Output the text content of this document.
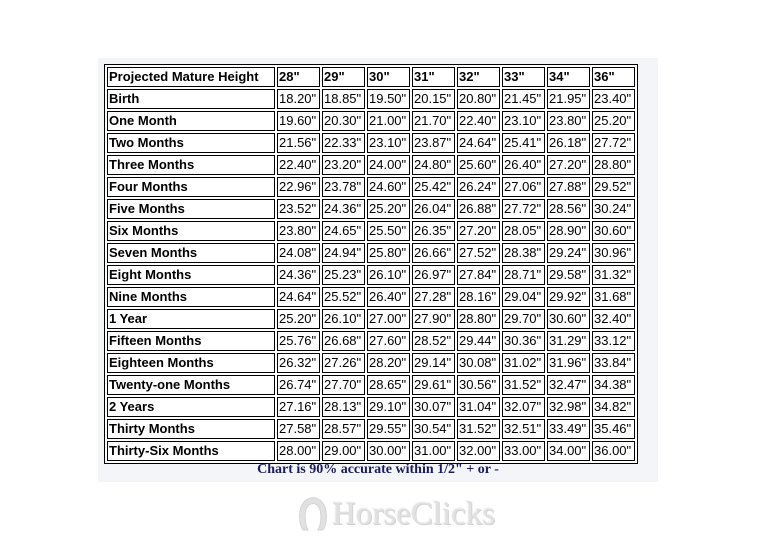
Projected Mature Height	28"	29"	30"	31"	32"	33"	34"	36"
Birth	18.20"	18.85"	19.50"	20.15"	20.80"	21.45"	21.95"	23.40"
One Month	19.60"	20.30"	21.00"	21.70"	22.40"	23.10"	23.80"	25.20"
Two Months	21.56"	22.33"	23.10"	23.87"	24.64"	25.41"	26.18"	27.72"
Three Months	22.40"	23.20"	24.00"	24.80"	25.60"	26.40"	27.20"	28.80"
Four Months	22.96"	23.78"	24.60"	25.42"	26.24"	27.06"	27.88"	29.52"
Five Months	23.52"	24.36"	25.20"	26.04"	26.88"	27.72"	28.56"	30.24"
Six Months	23.80"	24.65"	25.50"	26.35"	27.20"	28.05"	28.90"	30.60"
Seven Months	24.08"	24.94"	25.80"	26.66"	27.52"	28.38"	29.24"	30.96"
Eight Months	24.36"	25.23"	26.10"	26.97"	27.84"	28.71"	29.58"	31.32"
Nine Months	24.64"	25.52"	26.40"	27.28"	28.16"	29.04"	29.92"	31.68"
1 Year	25.20"	26.10"	27.00"	27.90"	28.80"	29.70"	30.60"	32.40"
Fifteen Months	25.76"	26.68"	27.60"	28.52"	29.44"	30.36"	31.29"	33.12"
Eighteen Months	26.32"	27.26"	28.20"	29.14"	30.08"	31.02"	31.96"	33.84"
Twenty-one Months	26.74"	27.70"	28.65"	29.61"	30.56"	31.52"	32.47"	34.38"
2 Years	27.16"	28.13"	29.10"	30.07"	31.04"	32.07"	32.98"	34.82"
Thirty Months	27.58"	28.57"	29.55"	30.54"	31.52"	32.51"	33.49"	35.46"
Thirty-Six Months	28.00"	29.00"	30.00"	31.00"	32.00"	33.00"	34.00"	36.00"
Chart is 90% accurate within 1/2" + or -
HorseClicks
